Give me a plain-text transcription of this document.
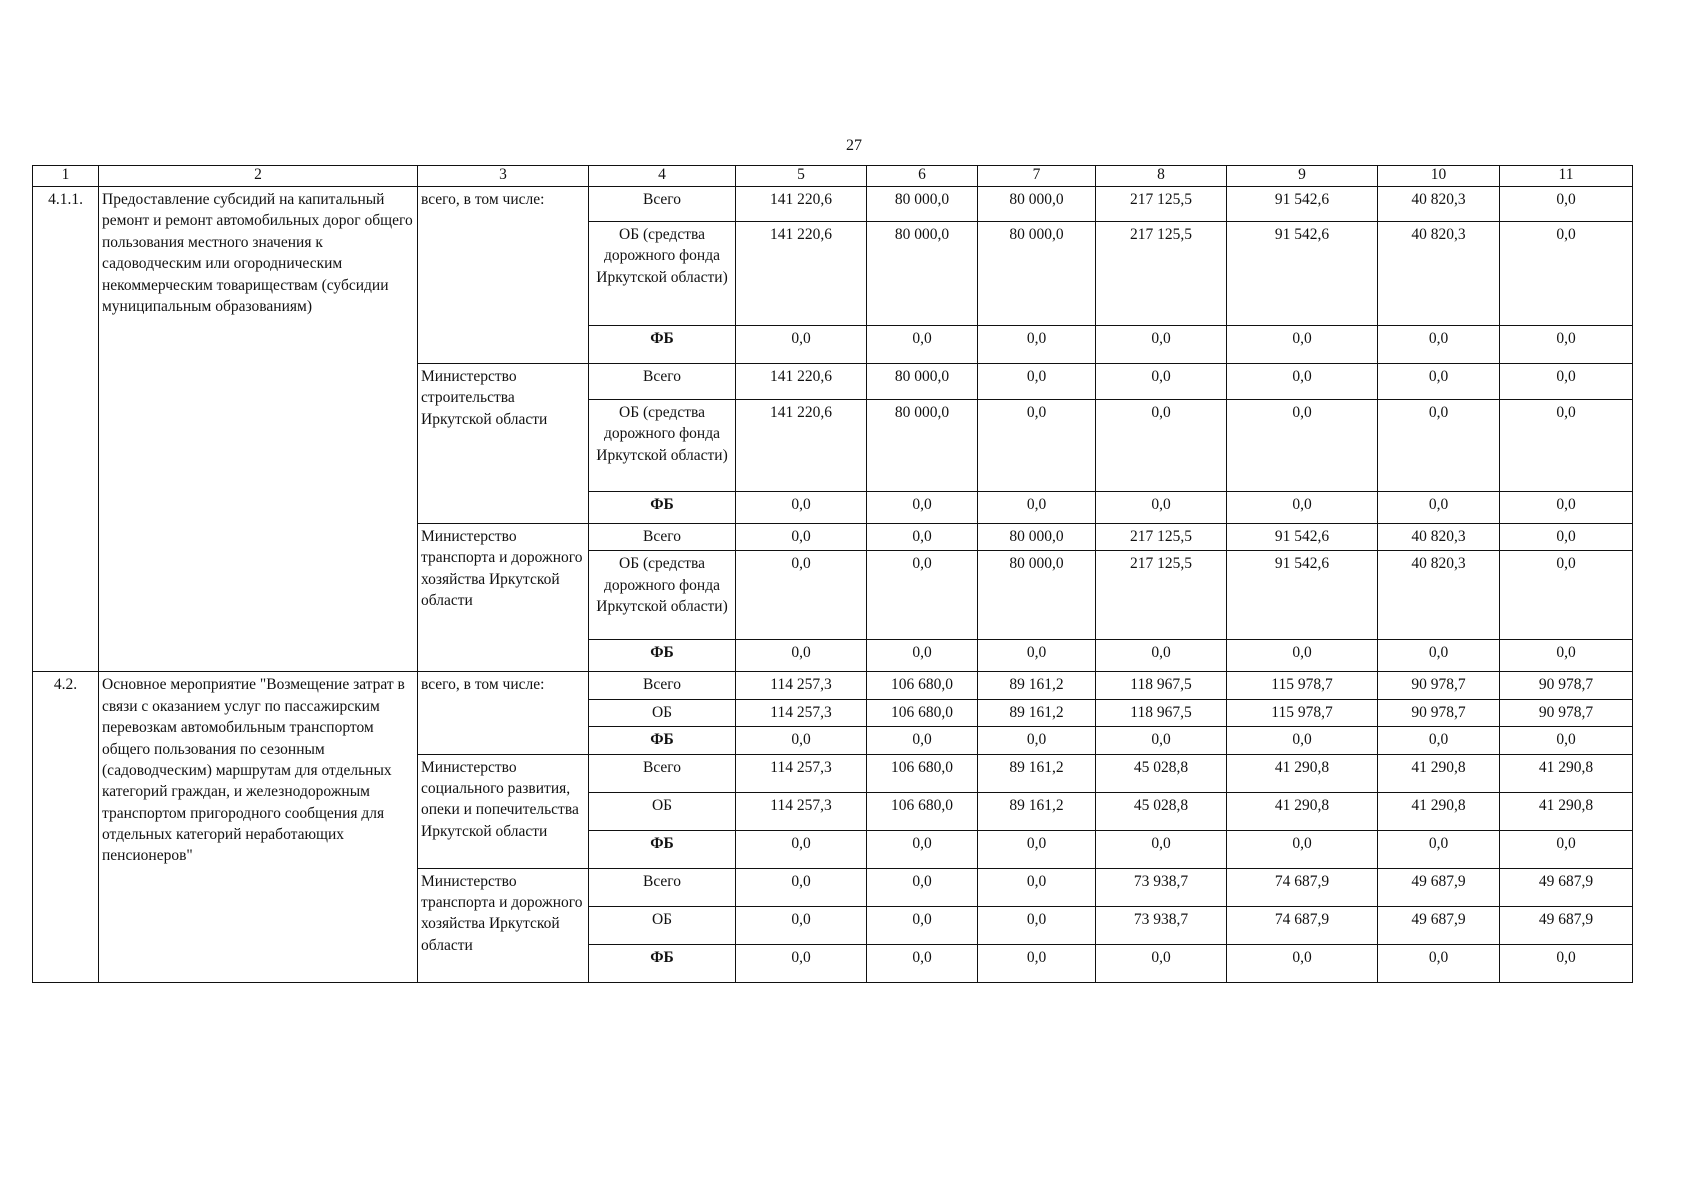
27
1	2	3	4	5	6	7	8	9	10	11
4.1.1.	Предоставление субсидий на капитальный ремонт и ремонт автомобильных дорог общего пользования местного значения к садоводческим или огородническим некоммерческим товариществам (субсидии муниципальным образованиям)	всего, в том числе:	Всего	141 220,6	80 000,0	80 000,0	217 125,5	91 542,6	40 820,3	0,0
			ОБ (средства дорожного фонда Иркутской области)	141 220,6	80 000,0	80 000,0	217 125,5	91 542,6	40 820,3	0,0
			ФБ	0,0	0,0	0,0	0,0	0,0	0,0	0,0
		Министерство строительства Иркутской области	Всего	141 220,6	80 000,0	0,0	0,0	0,0	0,0	0,0
			ОБ (средства дорожного фонда Иркутской области)	141 220,6	80 000,0	0,0	0,0	0,0	0,0	0,0
			ФБ	0,0	0,0	0,0	0,0	0,0	0,0	0,0
		Министерство транспорта и дорожного хозяйства Иркутской области	Всего	0,0	0,0	80 000,0	217 125,5	91 542,6	40 820,3	0,0
			ОБ (средства дорожного фонда Иркутской области)	0,0	0,0	80 000,0	217 125,5	91 542,6	40 820,3	0,0
			ФБ	0,0	0,0	0,0	0,0	0,0	0,0	0,0
4.2.	Основное мероприятие "Возмещение затрат в связи с оказанием услуг по пассажирским перевозкам автомобильным транспортом общего пользования по сезонным (садоводческим) маршрутам для отдельных категорий граждан, и железнодорожным транспортом пригородного сообщения для отдельных категорий неработающих пенсионеров"	всего, в том числе:	Всего	114 257,3	106 680,0	89 161,2	118 967,5	115 978,7	90 978,7	90 978,7
			ОБ	114 257,3	106 680,0	89 161,2	118 967,5	115 978,7	90 978,7	90 978,7
			ФБ	0,0	0,0	0,0	0,0	0,0	0,0	0,0
		Министерство социального развития, опеки и попечительства Иркутской области	Всего	114 257,3	106 680,0	89 161,2	45 028,8	41 290,8	41 290,8	41 290,8
			ОБ	114 257,3	106 680,0	89 161,2	45 028,8	41 290,8	41 290,8	41 290,8
			ФБ	0,0	0,0	0,0	0,0	0,0	0,0	0,0
		Министерство транспорта и дорожного хозяйства Иркутской области	Всего	0,0	0,0	0,0	73 938,7	74 687,9	49 687,9	49 687,9
			ОБ	0,0	0,0	0,0	73 938,7	74 687,9	49 687,9	49 687,9
			ФБ	0,0	0,0	0,0	0,0	0,0	0,0	0,0
